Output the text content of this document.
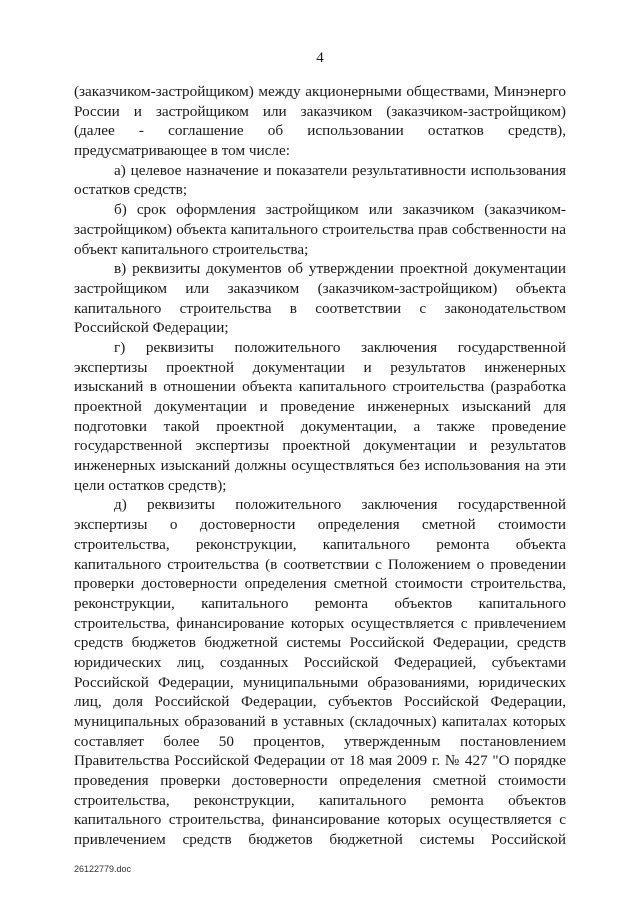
4
(заказчиком-застройщиком) между акционерными обществами, Минэнерго
России и застройщиком или заказчиком (заказчиком-застройщиком)
(далее - соглашение об использовании остатков средств),
предусматривающее в том числе:
а) целевое назначение и показатели результативности использования
остатков средств;
б) срок оформления застройщиком или заказчиком (заказчиком-
застройщиком) объекта капитального строительства прав собственности на
объект капитального строительства;
в) реквизиты документов об утверждении проектной документации
застройщиком или заказчиком (заказчиком-застройщиком) объекта
капитального строительства в соответствии с законодательством
Российской Федерации;
г) реквизиты положительного заключения государственной
экспертизы проектной документации и результатов инженерных
изысканий в отношении объекта капитального строительства (разработка
проектной документации и проведение инженерных изысканий для
подготовки такой проектной документации, а также проведение
государственной экспертизы проектной документации и результатов
инженерных изысканий должны осуществляться без использования на эти
цели остатков средств);
д) реквизиты положительного заключения государственной
экспертизы о достоверности определения сметной стоимости
строительства, реконструкции, капитального ремонта объекта
капитального строительства (в соответствии с Положением о проведении
проверки достоверности определения сметной стоимости строительства,
реконструкции, капитального ремонта объектов капитального
строительства, финансирование которых осуществляется с привлечением
средств бюджетов бюджетной системы Российской Федерации, средств
юридических лиц, созданных Российской Федерацией, субъектами
Российской Федерации, муниципальными образованиями, юридических
лиц, доля Российской Федерации, субъектов Российской Федерации,
муниципальных образований в уставных (складочных) капиталах которых
составляет более 50 процентов, утвержденным постановлением
Правительства Российской Федерации от 18 мая 2009 г. № 427 "О порядке
проведения проверки достоверности определения сметной стоимости
строительства, реконструкции, капитального ремонта объектов
капитального строительства, финансирование которых осуществляется с
привлечением средств бюджетов бюджетной системы Российской
26122779.doc
